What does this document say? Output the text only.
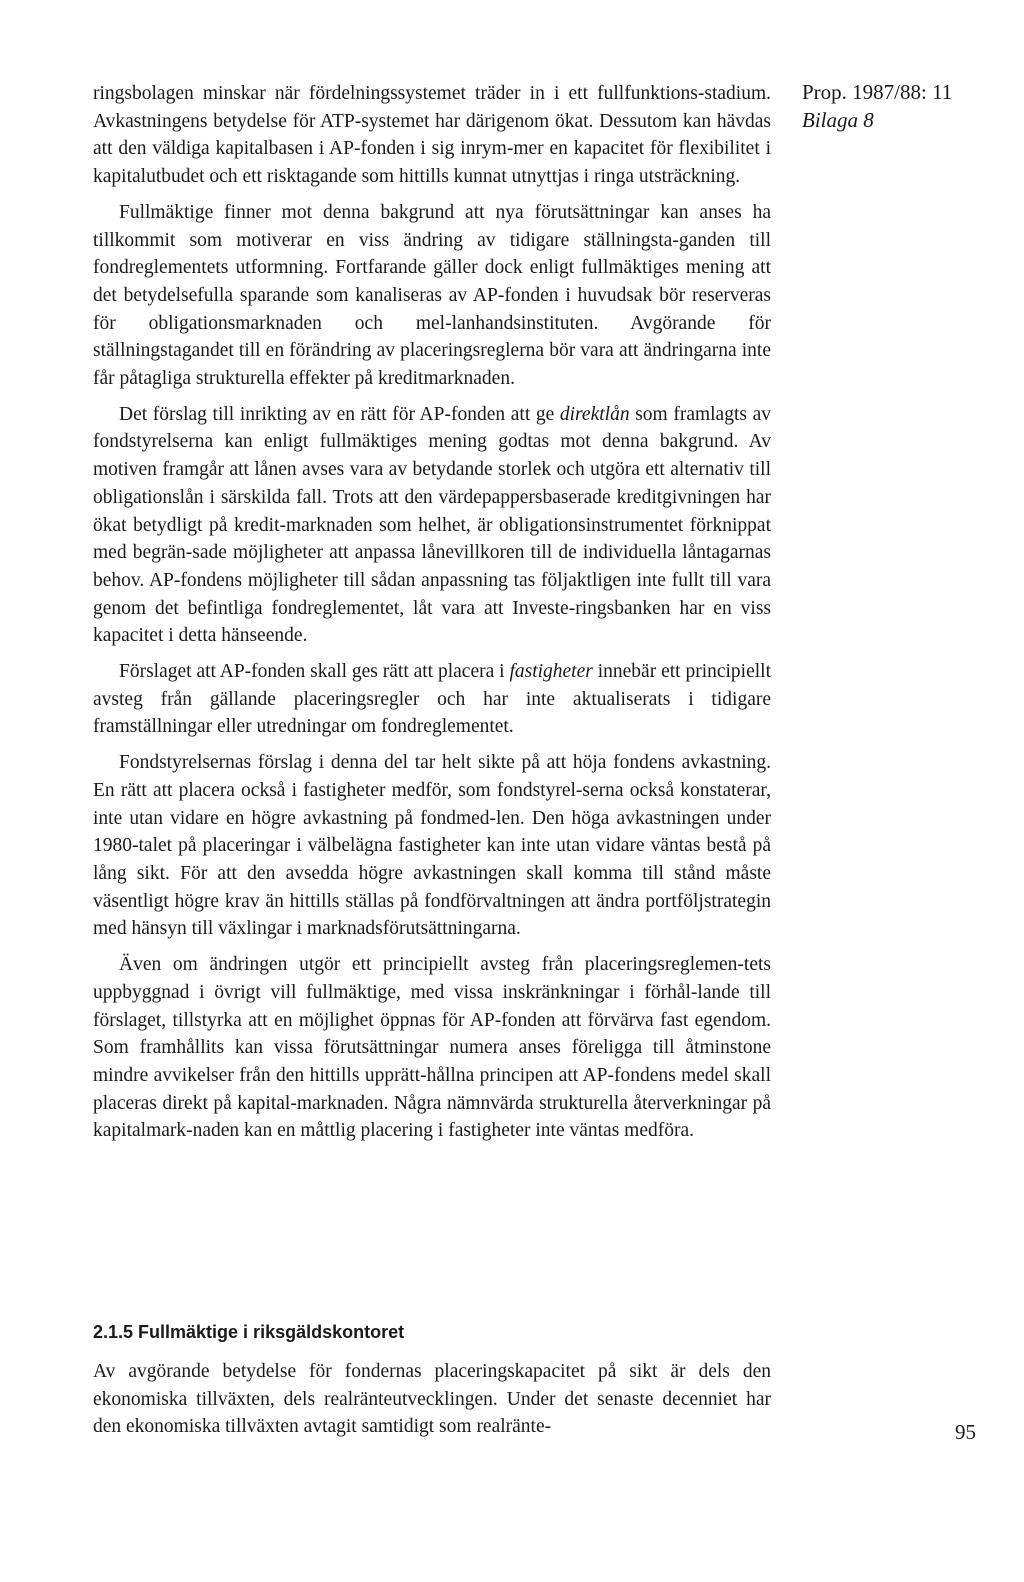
Prop. 1987/88: 11
Bilaga 8

ringsbolagen minskar när fördelningssystemet träder in i ett fullfunktions-stadium. Avkastningens betydelse för ATP-systemet har därigenom ökat. Dessutom kan hävdas att den väldiga kapitalbasen i AP-fonden i sig inrym-mer en kapacitet för flexibilitet i kapitalutbudet och ett risktagande som hittills kunnat utnyttjas i ringa utsträckning.

Fullmäktige finner mot denna bakgrund att nya förutsättningar kan anses ha tillkommit som motiverar en viss ändring av tidigare ställningsta-ganden till fondreglementets utformning. Fortfarande gäller dock enligt fullmäktiges mening att det betydelsefulla sparande som kanaliseras av AP-fonden i huvudsak bör reserveras för obligationsmarknaden och mel-lanhandsinstituten. Avgörande för ställningstagandet till en förändring av placeringsreglerna bör vara att ändringarna inte får påtagliga strukturella effekter på kreditmarknaden.

Det förslag till inrikting av en rätt för AP-fonden att ge direktlån som framlagts av fondstyrelserna kan enligt fullmäktiges mening godtas mot denna bakgrund. Av motiven framgår att lånen avses vara av betydande storlek och utgöra ett alternativ till obligationslån i särskilda fall. Trots att den värdepappersbaserade kreditgivningen har ökat betydligt på kredit-marknaden som helhet, är obligationsinstrumentet förknippat med begrän-sade möjligheter att anpassa lånevillkoren till de individuella låntagarnas behov. AP-fondens möjligheter till sådan anpassning tas följaktligen inte fullt till vara genom det befintliga fondreglementet, låt vara att Investe-ringsbanken har en viss kapacitet i detta hänseende.

Förslaget att AP-fonden skall ges rätt att placera i fastigheter innebär ett principiellt avsteg från gällande placeringsregler och har inte aktualiserats i tidigare framställningar eller utredningar om fondreglementet.

Fondstyrelsernas förslag i denna del tar helt sikte på att höja fondens avkastning. En rätt att placera också i fastigheter medför, som fondstyrel-serna också konstaterar, inte utan vidare en högre avkastning på fondmed-len. Den höga avkastningen under 1980-talet på placeringar i välbelägna fastigheter kan inte utan vidare väntas bestå på lång sikt. För att den avsedda högre avkastningen skall komma till stånd måste väsentligt högre krav än hittills ställas på fondförvaltningen att ändra portföljstrategin med hänsyn till växlingar i marknadsförutsättningarna.

Även om ändringen utgör ett principiellt avsteg från placeringsreglemen-tets uppbyggnad i övrigt vill fullmäktige, med vissa inskränkningar i förhål-lande till förslaget, tillstyrka att en möjlighet öppnas för AP-fonden att förvärva fast egendom. Som framhållits kan vissa förutsättningar numera anses föreligga till åtminstone mindre avvikelser från den hittills upprätt-hållna principen att AP-fondens medel skall placeras direkt på kapital-marknaden. Några nämnvärda strukturella återverkningar på kapitalmark-naden kan en måttlig placering i fastigheter inte väntas medföra.

2.1.5 Fullmäktige i riksgäldskontoret

Av avgörande betydelse för fondernas placeringskapacitet på sikt är dels den ekonomiska tillväxten, dels realränteutvecklingen. Under det senaste decenniet har den ekonomiska tillväxten avtagit samtidigt som realränte-	95
